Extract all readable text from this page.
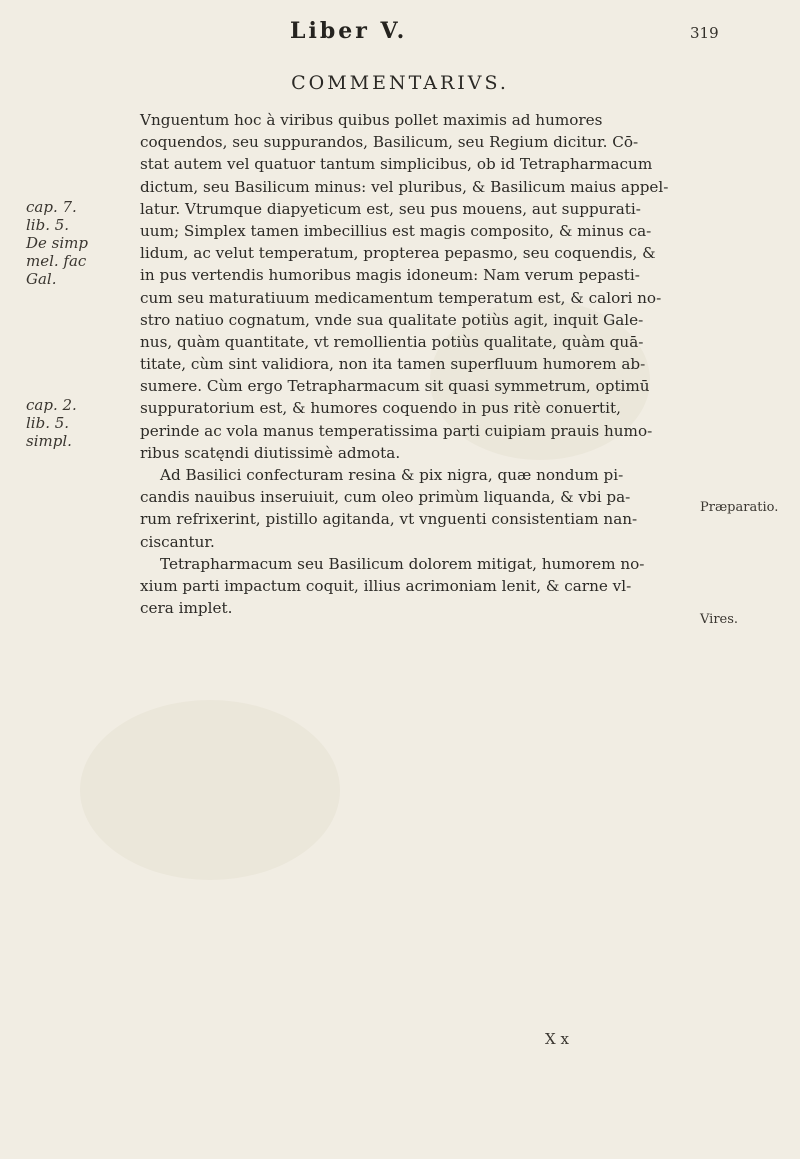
Liber V.	319
COMMENTARIVS.
Vnguentum hoc à viribus quibus pollet maximis ad humores
coquendos, seu suppurandos, Basilicum, seu Regium dicitur. Cō-
stat autem vel quatuor tantum simplicibus, ob id Tetrapharmacum
dictum, seu Basilicum minus: vel pluribus, & Basilicum maius appel-
latur. Vtrumque diapyeticum est, seu pus mouens, aut suppurati-
uum; Simplex tamen imbecillius est magis composito, & minus ca-
lidum, ac velut temperatum, propterea pepasmo, seu coquendis, &
in pus vertendis humoribus magis idoneum: Nam verum pepasti-
cum seu maturatiuum medicamentum temperatum est, & calori no-
stro natiuo cognatum, vnde sua qualitate potiùs agit, inquit Gale-
nus, quàm quantitate, vt remollientia potiùs qualitate, quàm quā-
titate, cùm sint validiora, non ita tamen superfluum humorem ab-
sumere. Cùm ergo Tetrapharmacum sit quasi symmetrum, optimū
suppuratorium est, & humores coquendo in pus ritè conuertit,
perinde ac vola manus temperatissima parti cuipiam prauis humo-
ribus scatęndi diutissimè admota.
Ad Basilici confecturam resina & pix nigra, quæ nondum pi-
candis nauibus inseruiuit, cum oleo primùm liquanda, & vbi pa-
rum refrixerint, pistillo agitanda, vt vnguenti consistentiam nan-
ciscantur.
Tetrapharmacum seu Basilicum dolorem mitigat, humorem no-
xium parti impactum coquit, illius acrimoniam lenit, & carne vl-
cera implet.
cap. 7.
lib. 5.
De simp
mel. fac
Gal.
cap. 2.
lib. 5.
simpl.
Præparatio.
Vires.
X x
